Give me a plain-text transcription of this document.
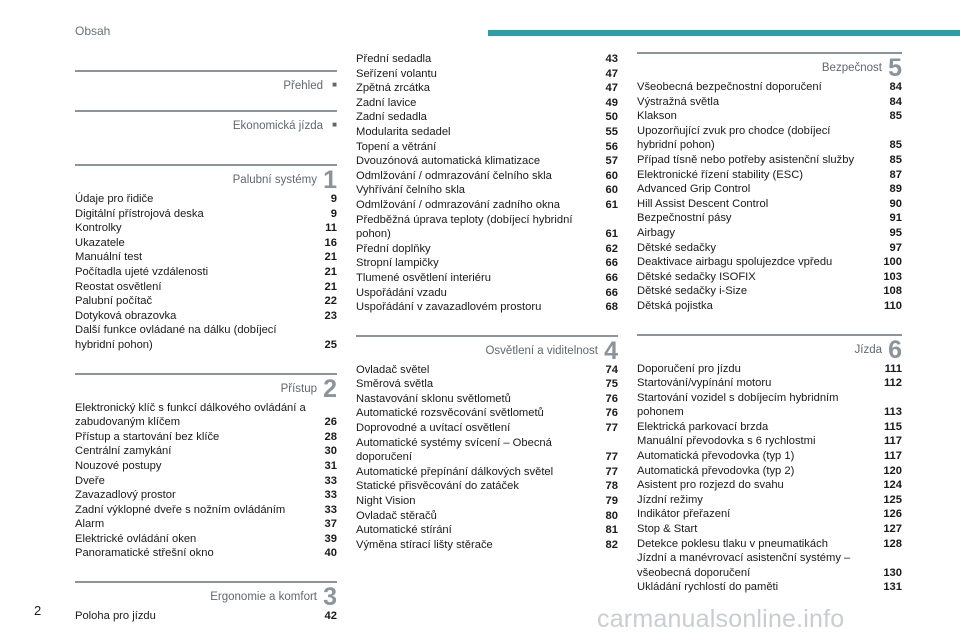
Obsah
Přehled ■
Ekonomická jízda ■
Palubní systémy 1
Údaje pro řidiče	9
Digitální přístrojová deska	9
Kontrolky	11
Ukazatele	16
Manuální test	21
Počítadla ujeté vzdálenosti	21
Reostat osvětlení	21
Palubní počítač	22
Dotyková obrazovka	23
Další funkce ovládané na dálku (dobíjecí hybridní pohon)	25
Přístup 2
Elektronický klíč s funkcí dálkového ovládání a zabudovaným klíčem	26
Přístup a startování bez klíče	28
Centrální zamykání	30
Nouzové postupy	31
Dveře	33
Zavazadlový prostor	33
Zadní výklopné dveře s nožním ovládáním	33
Alarm	37
Elektrické ovládání oken	39
Panoramatické střešní okno	40
Ergonomie a komfort 3
Poloha pro jízdu	42
Přední sedadla	43
Seřízení volantu	47
Zpětná zrcátka	47
Zadní lavice	49
Zadní sedadla	50
Modularita sedadel	55
Topení a větrání	56
Dvouzónová automatická klimatizace	57
Odmlžování / odmrazování čelního skla	60
Vyhřívání čelního skla	60
Odmlžování / odmrazování zadního okna	61
Předběžná úprava teploty (dobíjecí hybridní pohon)	61
Přední doplňky	62
Stropní lampičky	66
Tlumené osvětlení interiéru	66
Uspořádání vzadu	66
Uspořádání v zavazadlovém prostoru	68
Osvětlení a viditelnost 4
Ovladač světel	74
Směrová světla	75
Nastavování sklonu světlometů	76
Automatické rozsvěcování světlometů	76
Doprovodné a uvítací osvětlení	77
Automatické systémy svícení – Obecná doporučení	77
Automatické přepínání dálkových světel	77
Statické přisvěcování do zatáček	78
Night Vision	79
Ovladač stěračů	80
Automatické stírání	81
Výměna stírací lišty stěrače	82
Bezpečnost 5
Všeobecná bezpečnostní doporučení	84
Výstražná světla	84
Klakson	85
Upozorňující zvuk pro chodce (dobíjecí hybridní pohon)	85
Případ tísně nebo potřeby asistenční služby	85
Elektronické řízení stability (ESC)	87
Advanced Grip Control	89
Hill Assist Descent Control	90
Bezpečnostní pásy	91
Airbagy	95
Dětské sedačky	97
Deaktivace airbagu spolujezdce vpředu	100
Dětské sedačky ISOFIX	103
Dětské sedačky i-Size	108
Dětská pojistka	110
Jízda 6
Doporučení pro jízdu	111
Startování/vypínání motoru	112
Startování vozidel s dobíjecím hybridním pohonem	113
Elektrická parkovací brzda	115
Manuální převodovka s 6 rychlostmi	117
Automatická převodovka (typ 1)	117
Automatická převodovka (typ 2)	120
Asistent pro rozjezd do svahu	124
Jízdní režimy	125
Indikátor přeřazení	126
Stop & Start	127
Detekce poklesu tlaku v pneumatikách	128
Jízdní a manévrovací asistenční systémy – všeobecná doporučení	130
Ukládání rychlostí do paměti	131
2	carmanualsonline.info
